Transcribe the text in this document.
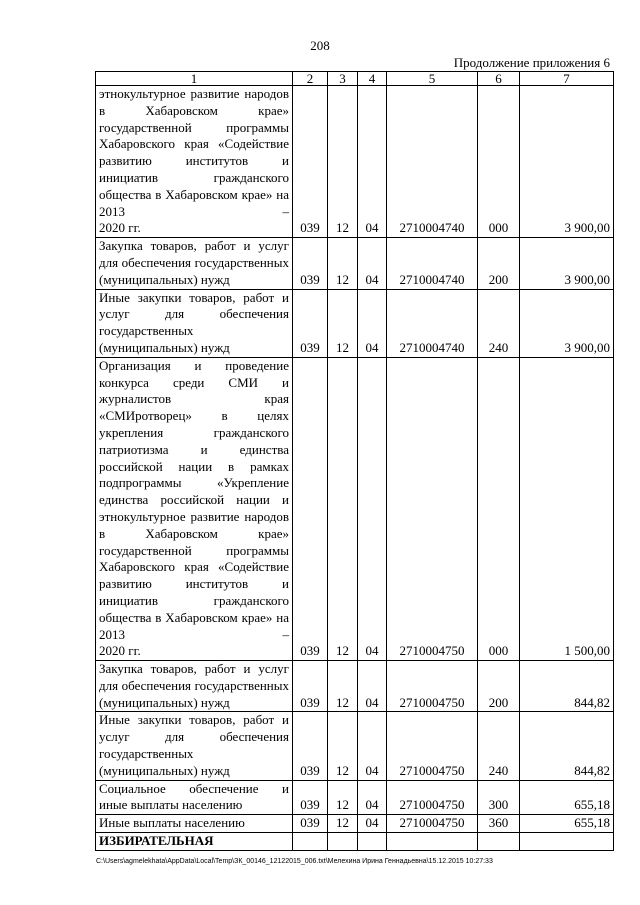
208
Продолжение приложения 6
1	2	3	4	5	6	7
этнокультурное развитие народов в Хабаровском крае» государственной программы Хабаровского края «Содействие развитию институтов и инициатив гражданского общества в Хабаровском крае» на 2013 –
2020 гг.	039	12	04	2710004740	000	3 900,00
Закупка товаров, работ и услуг для обеспечения государственных
(муниципальных) нужд	039	12	04	2710004740	200	3 900,00
Иные закупки товаров, работ и услуг для обеспечения государственных
(муниципальных) нужд	039	12	04	2710004740	240	3 900,00
Организация и проведение конкурса среди СМИ и журналистов края «СМИротворец» в целях укрепления гражданского патриотизма и единства российской нации в рамках подпрограммы «Укрепление единства российской нации и этнокультурное развитие народов в Хабаровском крае» государственной программы Хабаровского края «Содействие развитию институтов и инициатив гражданского общества в Хабаровском крае» на 2013 –
2020 гг.	039	12	04	2710004750	000	1 500,00
Закупка товаров, работ и услуг для обеспечения государственных
(муниципальных) нужд	039	12	04	2710004750	200	844,82
Иные закупки товаров, работ и услуг для обеспечения государственных
(муниципальных) нужд	039	12	04	2710004750	240	844,82
Социальное обеспечение и
иные выплаты населению	039	12	04	2710004750	300	655,18

Иные выплаты населению	039	12	04	2710004750	360	655,18
ИЗБИРАТЕЛЬНАЯ						
C:\Users\agmelekhata\AppData\Local\Temp\ЗК_00146_12122015_006.txt\Мелехина Ирина Геннадьевна\15.12.2015 10:27:33
